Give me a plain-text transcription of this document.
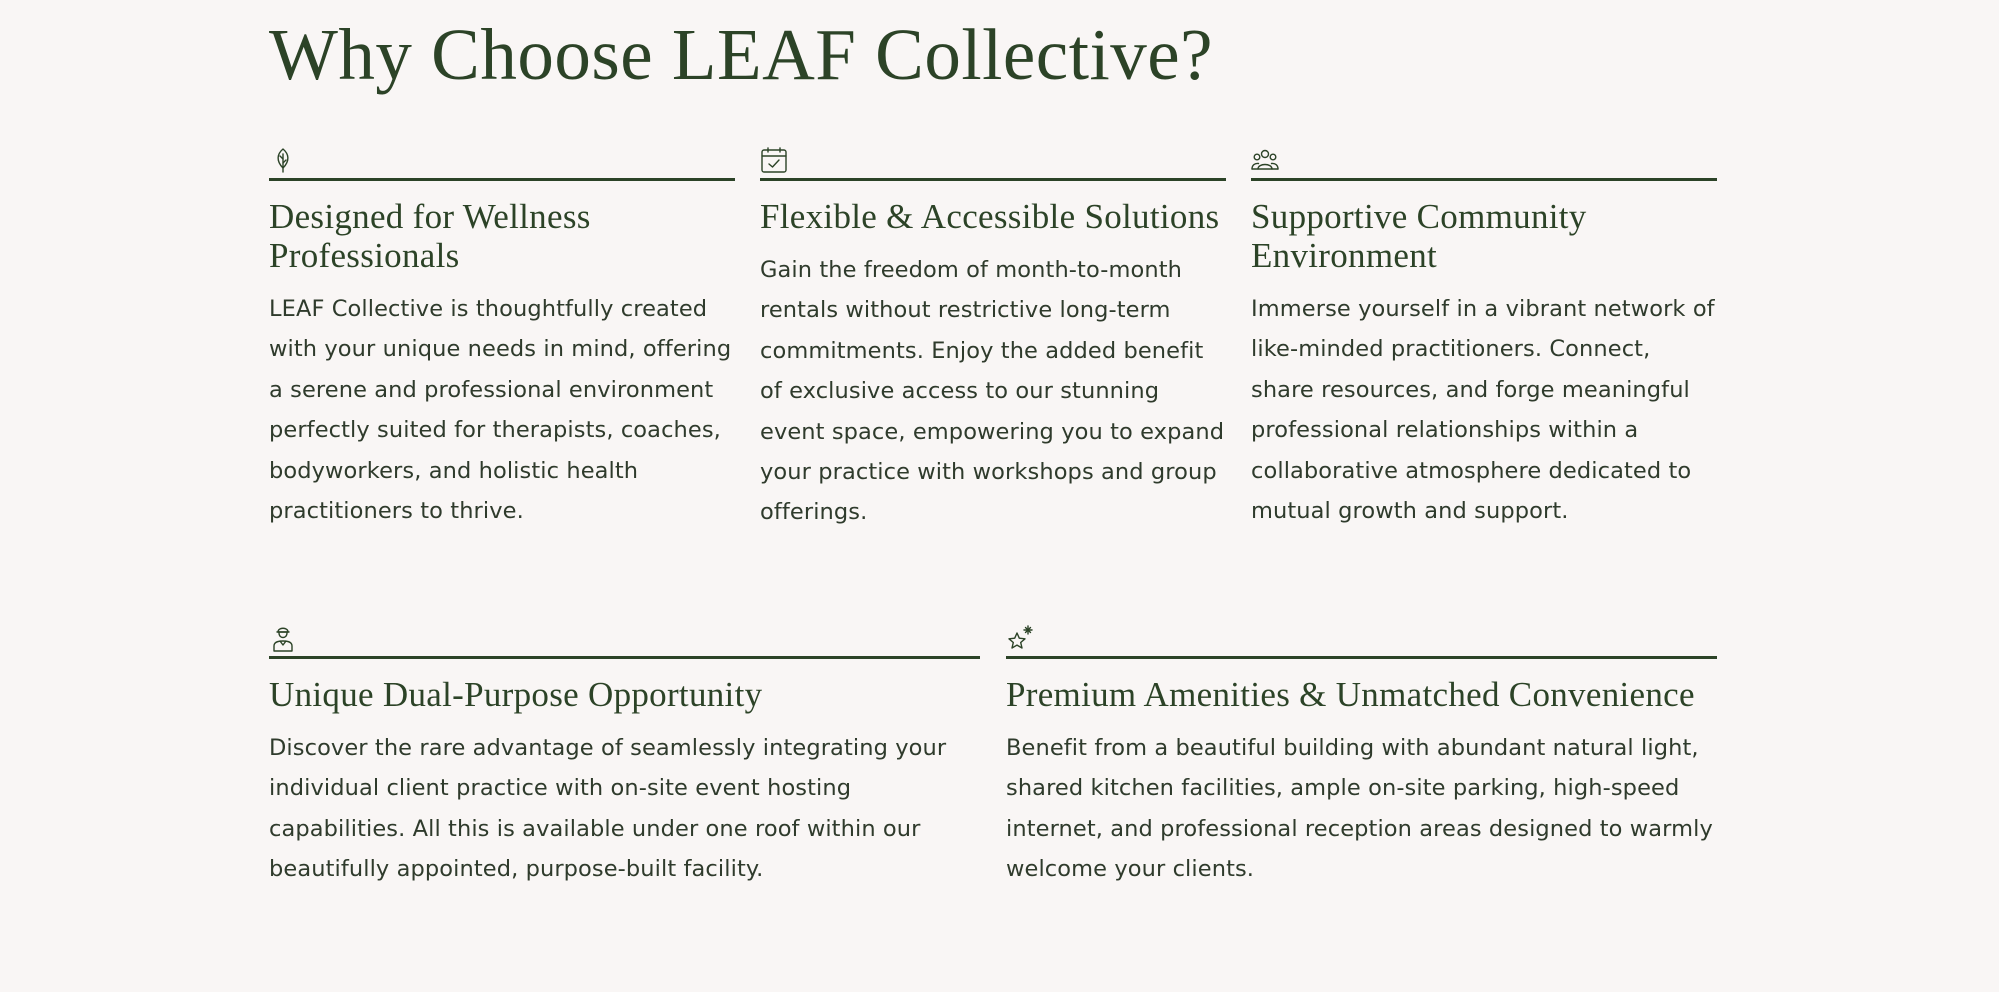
Why Choose LEAF Collective?
Designed for Wellness Professionals

LEAF Collective is thoughtfully created with your unique needs in mind, offering a serene and professional environment perfectly suited for therapists, coaches, bodyworkers, and holistic health practitioners to thrive.

Flexible & Accessible Solutions

Gain the freedom of month-to-month rentals without restrictive long-term commitments. Enjoy the added benefit of exclusive access to our stunning event space, empowering you to expand your practice with workshops and group offerings.

Supportive Community Environment

Immerse yourself in a vibrant network of like-minded practitioners. Connect, share resources, and forge meaningful professional relationships within a collaborative atmosphere dedicated to mutual growth and support.

Unique Dual-Purpose Opportunity

Discover the rare advantage of seamlessly integrating your individual client practice with on-site event hosting capabilities. All this is available under one roof within our beautifully appointed, purpose-built facility.

Premium Amenities & Unmatched Convenience

Benefit from a beautiful building with abundant natural light, shared kitchen facilities, ample on-site parking, high-speed internet, and professional reception areas designed to warmly welcome your clients.
